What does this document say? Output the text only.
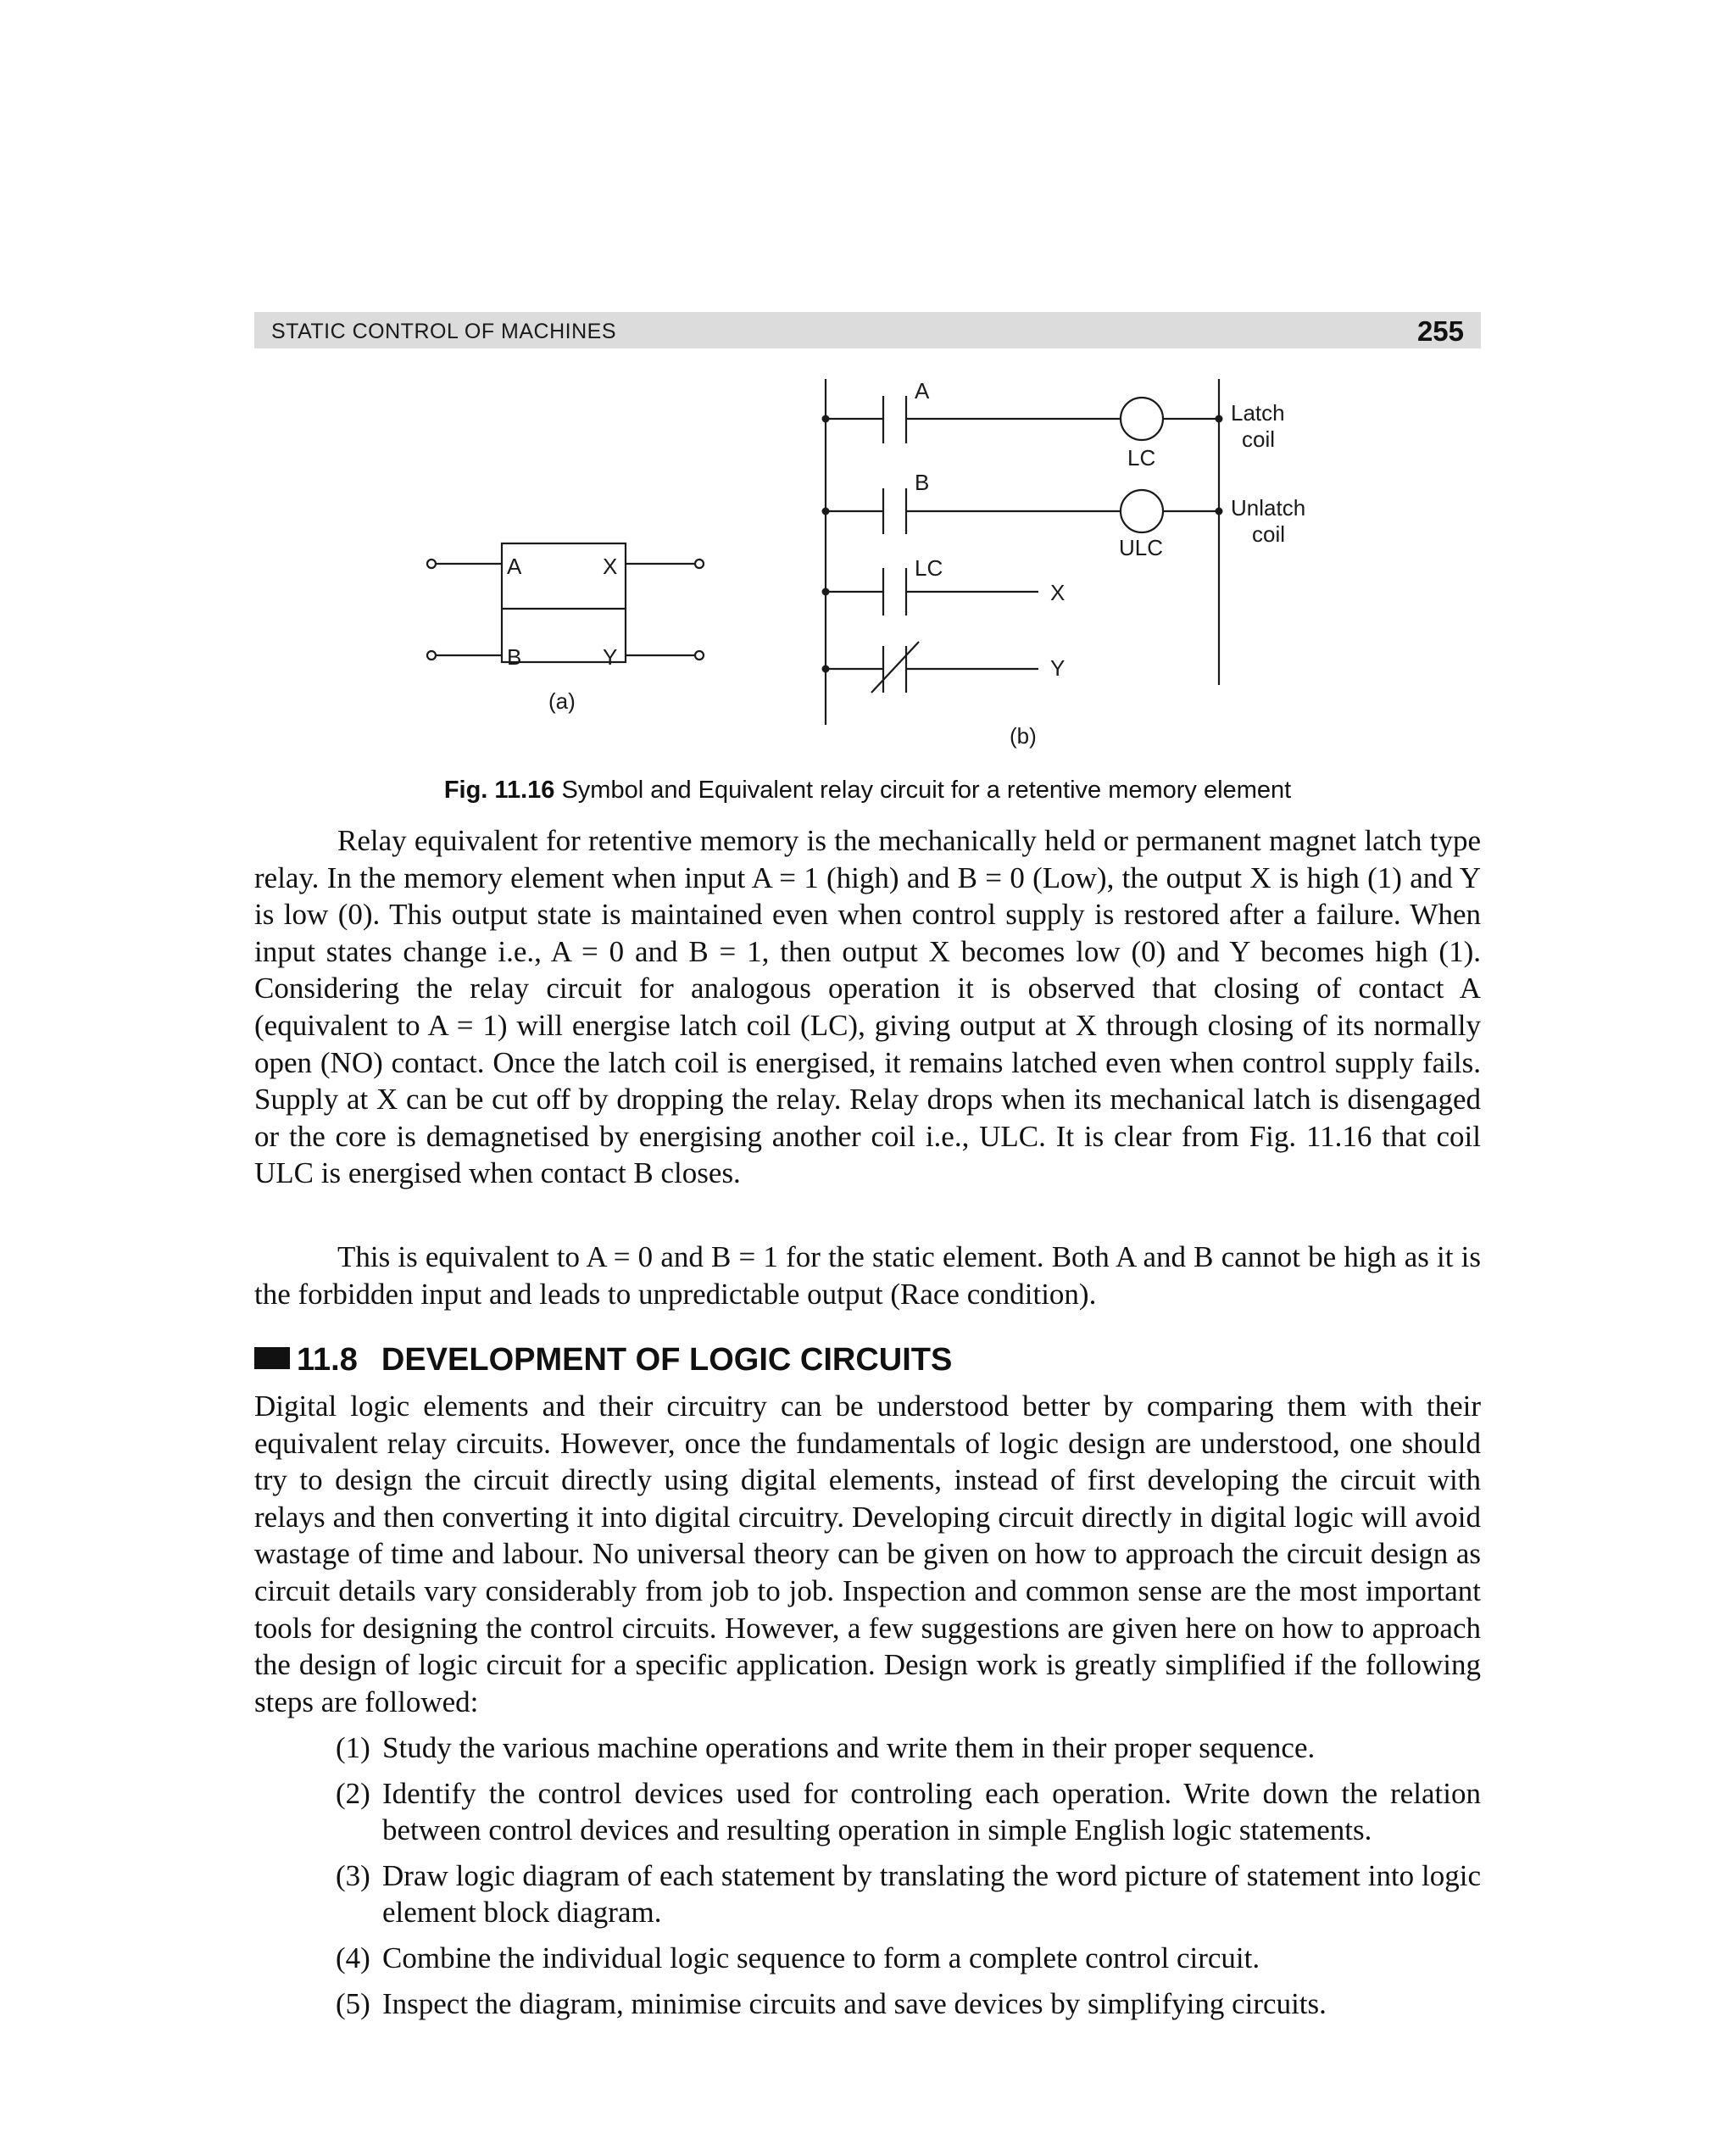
STATIC CONTROL OF MACHINES	255
A	X
B	Y
(a)
A
B
LC
X
Y
LC
ULC
Latch
coil
Unlatch
coil
(b)
Fig. 11.16 Symbol and Equivalent relay circuit for a retentive memory element

Relay equivalent for retentive memory is the mechanically held or permanent magnet latch type relay. In the memory element when input A = 1 (high) and B = 0 (Low), the output X is high (1) and Y is low (0). This output state is maintained even when control supply is restored after a failure. When input states change i.e., A = 0 and B = 1, then output X becomes low (0) and Y becomes high (1). Considering the relay circuit for analogous operation it is observed that closing of contact A (equivalent to A = 1) will energise latch coil (LC), giving output at X through closing of its normally open (NO) contact. Once the latch coil is energised, it remains latched even when control supply fails. Supply at X can be cut off by dropping the relay. Relay drops when its mechanical latch is disengaged or the core is demagnetised by energising another coil i.e., ULC. It is clear from Fig. 11.16 that coil ULC is energised when contact B closes.

This is equivalent to A = 0 and B = 1 for the static element. Both A and B cannot be high as it is the forbidden input and leads to unpredictable output (Race condition).

11.8 DEVELOPMENT OF LOGIC CIRCUITS

Digital logic elements and their circuitry can be understood better by comparing them with their equivalent relay circuits. However, once the fundamentals of logic design are understood, one should try to design the circuit directly using digital elements, instead of first developing the circuit with relays and then converting it into digital circuitry. Developing circuit directly in digital logic will avoid wastage of time and labour. No universal theory can be given on how to approach the circuit design as circuit details vary considerably from job to job. Inspection and common sense are the most important tools for designing the control circuits. However, a few suggestions are given here on how to approach the design of logic circuit for a specific application. Design work is greatly simplified if the following steps are followed:

(1) Study the various machine operations and write them in their proper sequence.
(2) Identify the control devices used for controling each operation. Write down the relation between control devices and resulting operation in simple English logic statements.
(3) Draw logic diagram of each statement by translating the word picture of statement into logic element block diagram.
(4) Combine the individual logic sequence to form a complete control circuit.
(5) Inspect the diagram, minimise circuits and save devices by simplifying circuits.
